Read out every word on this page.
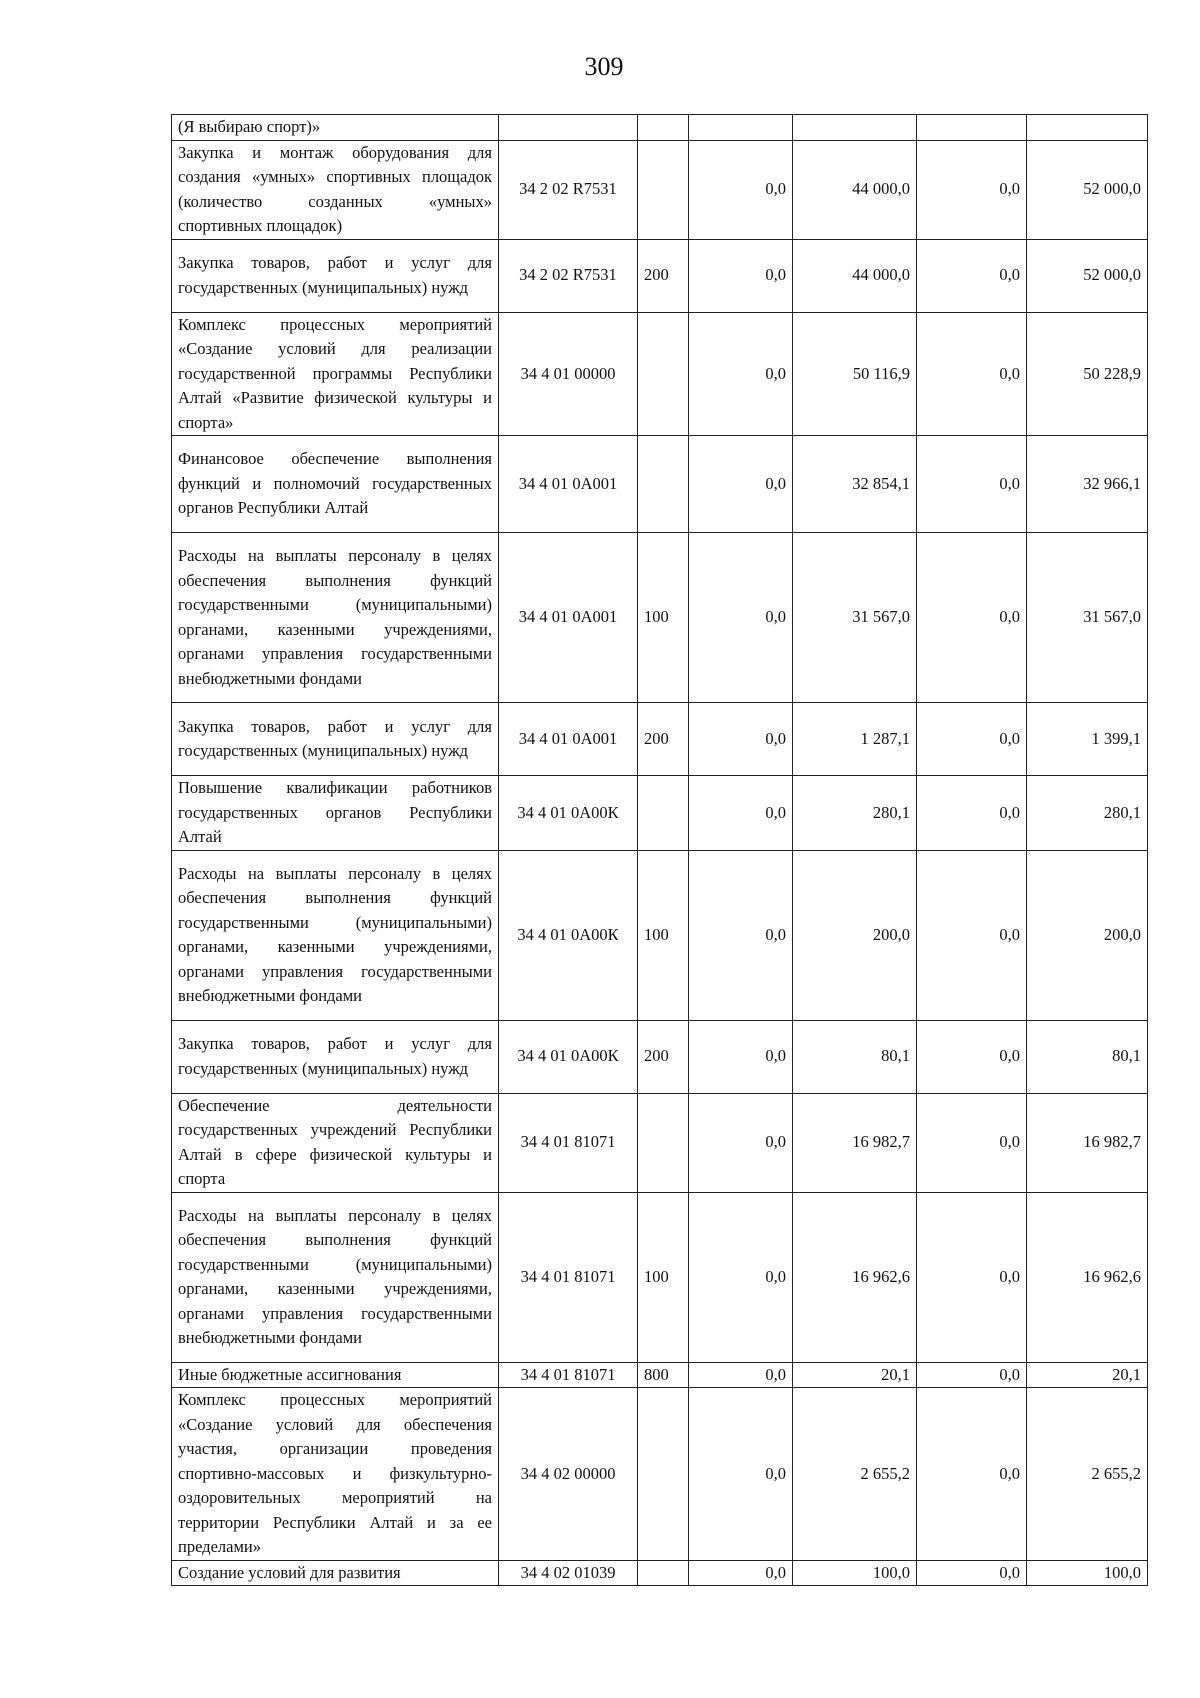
309
(Я выбираю спорт)»						
Закупка и монтаж оборудования для создания «умных» спортивных площадок (количество созданных «умных» спортивных площадок)	34 2 02 R7531		0,0	44 000,0	0,0	52 000,0
Закупка товаров, работ и услуг для государственных (муниципальных) нужд	34 2 02 R7531	200	0,0	44 000,0	0,0	52 000,0
Комплекс процессных мероприятий «Создание условий для реализации государственной программы Республики Алтай «Развитие физической культуры и спорта»	34 4 01 00000		0,0	50 116,9	0,0	50 228,9
Финансовое обеспечение выполнения функций и полномочий государственных органов Республики Алтай	34 4 01 0А001		0,0	32 854,1	0,0	32 966,1
Расходы на выплаты персоналу в целях обеспечения выполнения функций государственными (муниципальными) органами, казенными учреждениями, органами управления государственными внебюджетными фондами	34 4 01 0А001	100	0,0	31 567,0	0,0	31 567,0
Закупка товаров, работ и услуг для государственных (муниципальных) нужд	34 4 01 0А001	200	0,0	1 287,1	0,0	1 399,1
Повышение квалификации работников государственных органов Республики Алтай	34 4 01 0А00К		0,0	280,1	0,0	280,1
Расходы на выплаты персоналу в целях обеспечения выполнения функций государственными (муниципальными) органами, казенными учреждениями, органами управления государственными внебюджетными фондами	34 4 01 0А00К	100	0,0	200,0	0,0	200,0
Закупка товаров, работ и услуг для государственных (муниципальных) нужд	34 4 01 0А00К	200	0,0	80,1	0,0	80,1
Обеспечение деятельности государственных учреждений Республики Алтай в сфере физической культуры и спорта	34 4 01 81071		0,0	16 982,7	0,0	16 982,7
Расходы на выплаты персоналу в целях обеспечения выполнения функций государственными (муниципальными) органами, казенными учреждениями, органами управления государственными внебюджетными фондами	34 4 01 81071	100	0,0	16 962,6	0,0	16 962,6
Иные бюджетные ассигнования	34 4 01 81071	800	0,0	20,1	0,0	20,1
Комплекс процессных мероприятий «Создание условий для обеспечения участия, организации проведения спортивно-массовых и физкультурно-оздоровительных мероприятий на территории Республики Алтай и за ее пределами»	34 4 02 00000		0,0	2 655,2	0,0	2 655,2
Создание условий для развития	34 4 02 01039		0,0	100,0	0,0	100,0
